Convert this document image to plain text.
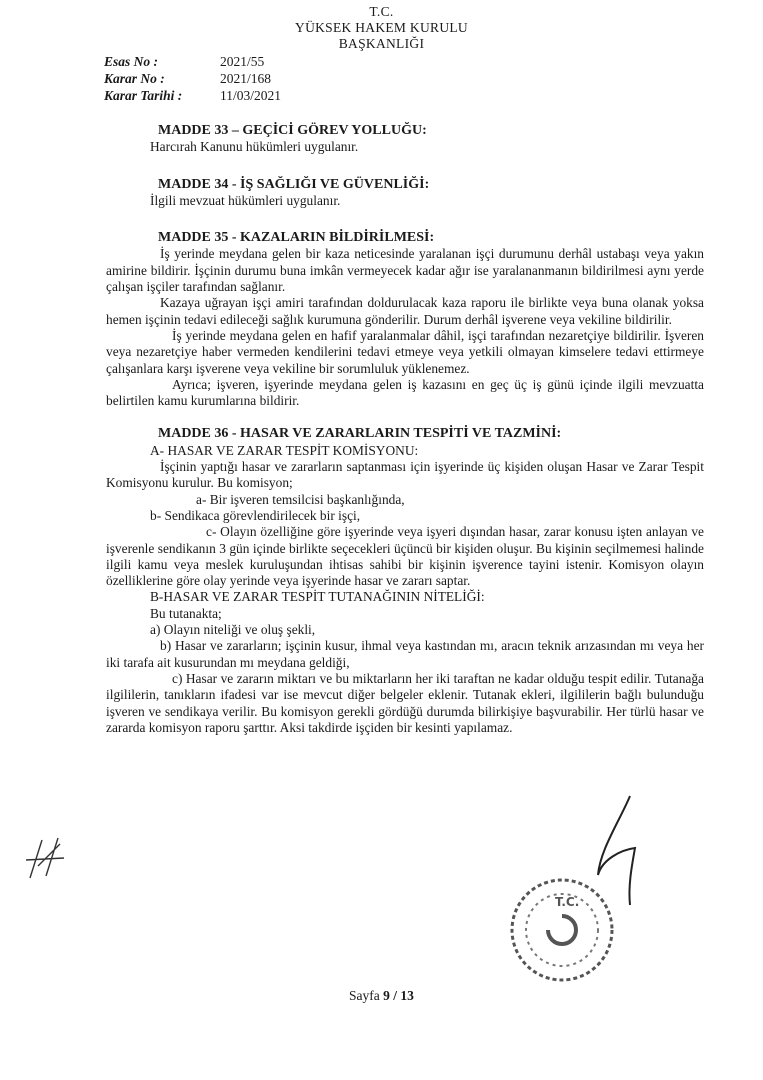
T.C.
YÜKSEK HAKEM KURULU
BAŞKANLIĞI
Esas No :	2021/55
Karar No :	2021/168
Karar Tarihi :	11/03/2021
MADDE 33 – GEÇİCİ GÖREV YOLLUĞU:

Harcırah Kanunu hükümleri uygulanır.

MADDE 34 - İŞ SAĞLIĞI VE GÜVENLİĞİ:

İlgili mevzuat hükümleri uygulanır.

MADDE 35 - KAZALARIN BİLDİRİLMESİ:

İş yerinde meydana gelen bir kaza neticesinde yaralanan işçi durumunu derhâl ustabaşı veya yakın amirine bildirir. İşçinin durumu buna imkân vermeyecek kadar ağır ise yaralananmanın bildirilmesi aynı yerde çalışan işçiler tarafından sağlanır.

Kazaya uğrayan işçi amiri tarafından doldurulacak kaza raporu ile birlikte veya buna olanak yoksa hemen işçinin tedavi edileceği sağlık kurumuna gönderilir. Durum derhâl işverene veya vekiline bildirilir.

İş yerinde meydana gelen en hafif yaralanmalar dâhil, işçi tarafından nezaretçiye bildirilir. İşveren veya nezaretçiye haber vermeden kendilerini tedavi etmeye veya yetkili olmayan kimselere tedavi ettirmeye çalışanlara karşı işverene veya vekiline bir sorumluluk yüklenemez.

Ayrıca; işveren, işyerinde meydana gelen iş kazasını en geç üç iş günü içinde ilgili mevzuatta belirtilen kamu kurumlarına bildirir.

MADDE 36 - HASAR VE ZARARLARIN TESPİTİ VE TAZMİNİ:

A- HASAR VE ZARAR TESPİT KOMİSYONU:

İşçinin yaptığı hasar ve zararların saptanması için işyerinde üç kişiden oluşan Hasar ve Zarar Tespit Komisyonu kurulur. Bu komisyon;

a- Bir işveren temsilcisi başkanlığında,

b- Sendikaca görevlendirilecek bir işçi,

c- Olayın özelliğine göre işyerinde veya işyeri dışından hasar, zarar konusu işten anlayan ve işverenle sendikanın 3 gün içinde birlikte seçecekleri üçüncü bir kişiden oluşur. Bu kişinin seçilmemesi halinde ilgili kamu veya meslek kuruluşundan ihtisas sahibi bir kişinin işverence tayini istenir. Komisyon olayın özelliklerine göre olay yerinde veya işyerinde hasar ve zararı saptar.

B-HASAR VE ZARAR TESPİT TUTANAĞININ NİTELİĞİ:

Bu tutanakta;

a) Olayın niteliği ve oluş şekli,

b) Hasar ve zararların; işçinin kusur, ihmal veya kastından mı, aracın teknik arızasından mı veya her iki tarafa ait kusurundan mı meydana geldiği,

c) Hasar ve zararın miktarı ve bu miktarların her iki taraftan ne kadar olduğu tespit edilir. Tutanağa ilgililerin, tanıkların ifadesi var ise mevcut diğer belgeler eklenir. Tutanak ekleri, ilgililerin bağlı bulunduğu işveren ve sendikaya verilir. Bu komisyon gerekli gördüğü durumda bilirkişiye başvurabilir. Her türlü hasar ve zararda komisyon raporu şarttır. Aksi takdirde işçiden bir kesinti yapılamaz.

T.C.
Sayfa 9 / 13
